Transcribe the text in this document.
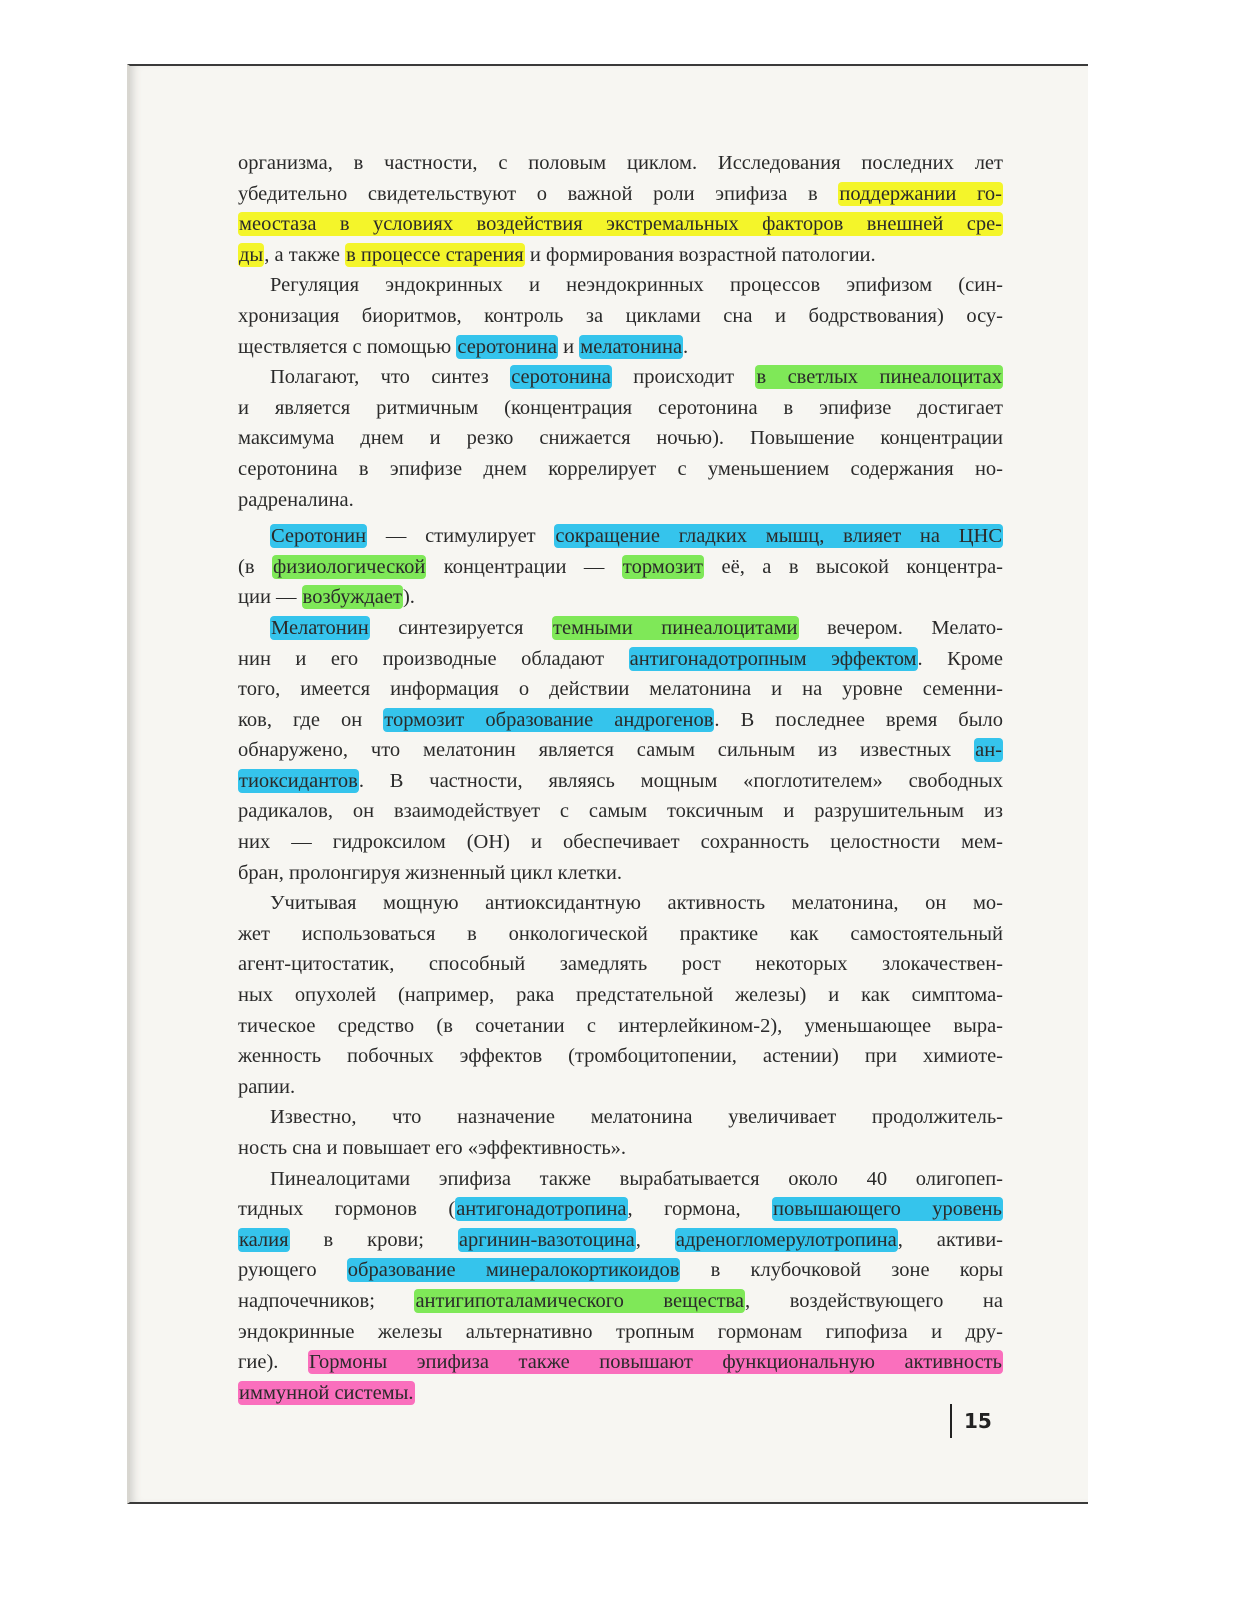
организма, в частности, с половым циклом. Исследования последних лет
убедительно свидетельствуют о важной роли эпифиза в поддержании го-
меостаза в условиях воздействия экстремальных факторов внешней сре-
ды, а также в процессе старения и формирования возрастной патологии.
Регуляция эндокринных и неэндокринных процессов эпифизом (син-
хронизация биоритмов, контроль за циклами сна и бодрствования) осу-
ществляется с помощью серотонина и мелатонина.
Полагают, что синтез серотонина происходит в светлых пинеалоцитах
и является ритмичным (концентрация серотонина в эпифизе достигает
максимума днем и резко снижается ночью). Повышение концентрации
серотонина в эпифизе днем коррелирует с уменьшением содержания но-
радреналина.
Серотонин — стимулирует сокращение гладких мышц, влияет на ЦНС
(в физиологической концентрации — тормозит её, а в высокой концентра-
ции — возбуждает).
Мелатонин синтезируется темными пинеалоцитами вечером. Мелато-
нин и его производные обладают антигонадотропным эффектом. Кроме
того, имеется информация о действии мелатонина и на уровне семенни-
ков, где он тормозит образование андрогенов. В последнее время было
обнаружено, что мелатонин является самым сильным из известных ан-
тиоксидантов. В частности, являясь мощным «поглотителем» свободных
радикалов, он взаимодействует с самым токсичным и разрушительным из
них — гидроксилом (OH) и обеспечивает сохранность целостности мем-
бран, пролонгируя жизненный цикл клетки.
Учитывая мощную антиоксидантную активность мелатонина, он мо-
жет использоваться в онкологической практике как самостоятельный
агент-цитостатик, способный замедлять рост некоторых злокачествен-
ных опухолей (например, рака предстательной железы) и как симптома-
тическое средство (в сочетании с интерлейкином-2), уменьшающее выра-
женность побочных эффектов (тромбоцитопении, астении) при химиоте-
рапии.
Известно, что назначение мелатонина увеличивает продолжитель-
ность сна и повышает его «эффективность».
Пинеалоцитами эпифиза также вырабатывается около 40 олигопеп-
тидных гормонов (антигонадотропина, гормона, повышающего уровень
калия в крови; аргинин-вазотоцина, адреногломерулотропина, активи-
рующего образование минералокортикоидов в клубочковой зоне коры
надпочечников; антигипоталамического вещества, воздействующего на
эндокринные железы альтернативно тропным гормонам гипофиза и дру-
гие). Гормоны эпифиза также повышают функциональную активность
иммунной системы.
15
